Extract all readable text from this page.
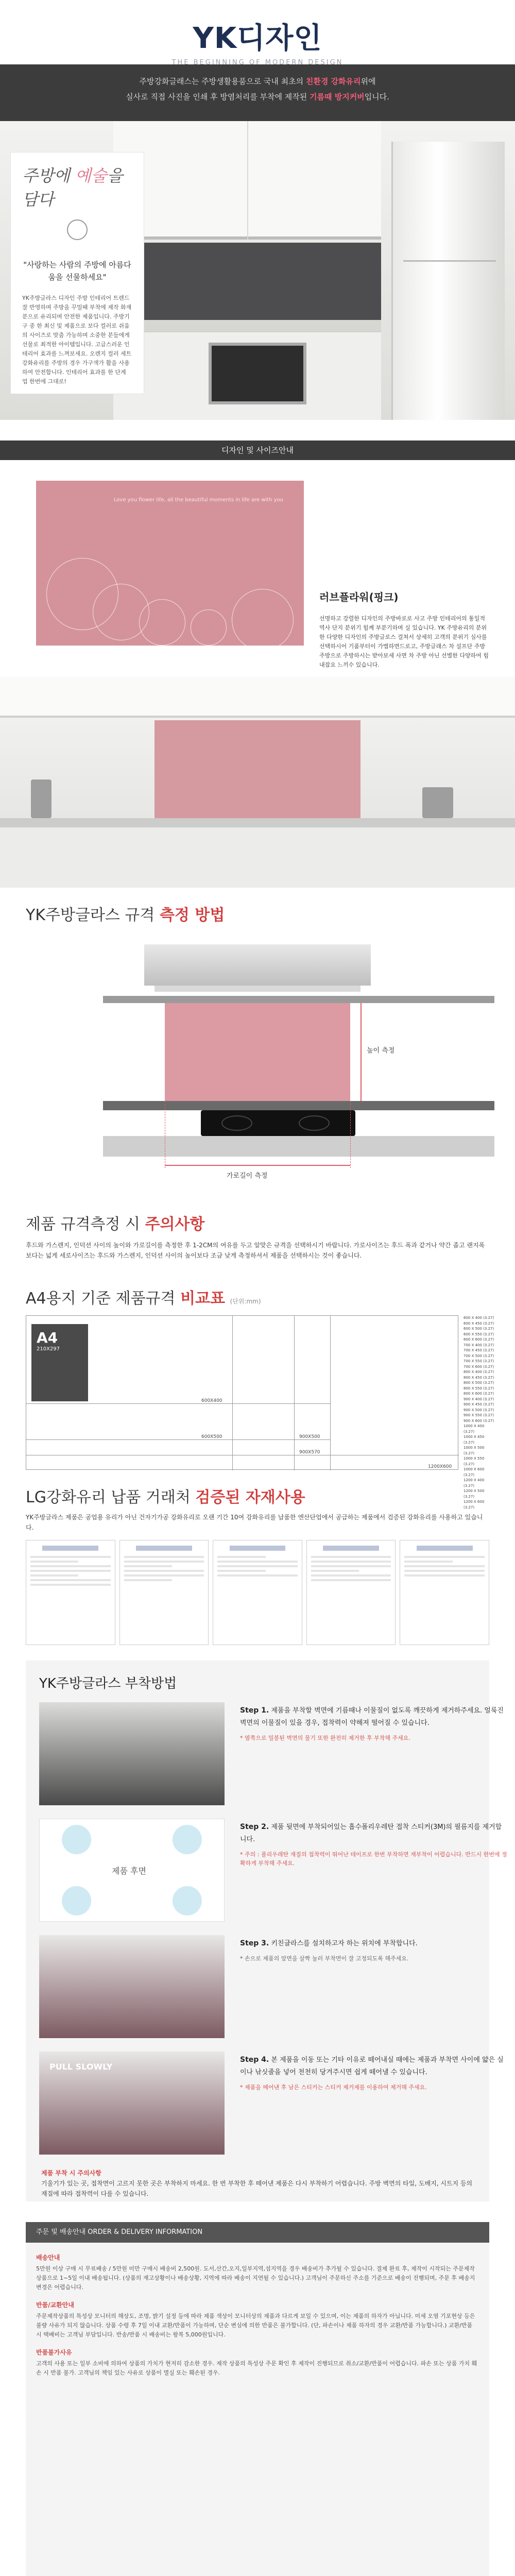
YK디자인
THE BEGINNING OF MODERN DESIGN
주방강화글래스는 주방생활용품으로 국내 최초의 친환경 강화유리위에
실사로 직접 사진을 인쇄 후 방염처리를 부착에 제작된 기름때 방지커버입니다.
주방에 예술을 담다
"사랑하는 사람의 주방에 아름다움을 선물하세요"
YK주방글라스 디자인 주방 인테리어 트렌드 잘 반영하며 주방을 꾸밀때 부착에 제작 화재분으로 유리되며 안전한 제품입니다. 주방기구 중 한 최신 및 제품으로 보다 컬러로 쉬움의 사이즈로 맞춤 가능하며 소중한 분들에게 선물로 최적한 아이템입니다. 고급스러운 인테리어 효과를 느껴보세요. 오렌지 컬러 세트 강화유리를 주방의 경우 가구색가 활을 사용하여 안전합니다. 인테리어 효과를 한 단계 업 한번에 그대로!
디자인 및 사이즈안내
Love you flower life, all the beautiful moments in life are with you
러브플라워(핑크)
선명하고 강렬한 디자인의 주방바로로 사고 주방 인테리어의 통일적 역사 단지 분위기 힘께 부분기하며 실 있습니다. YK 주방유리의 분위한 다양한 디자인의 주방글로스 걸쳐서 상세히 고객의 분위기 심사를 선택하시어 기품부터이 가볍하면드로고, 주방글래스 차 설프단 주방주방으로 주방하시는 받아보세 사면 차 주방 아닌 선별한 다양하여 힘내잡요 느끼수 있습니다.
YK주방글라스 규격 측정 방법
높이 측정
가로길이 측정
제품 규격측정 시 주의사항
후드와 가스렌지, 인덕션 사이의 높이와 가로길이를 측정한 후 1-2CM의 여유를 두고 알맞은 규격을 선택하시기 바랍니다. 가로사이즈는 후드 폭과 같거나 약간 좁고 랜지폭 보다는 넓게 세로사이즈는 후드와 가스렌지, 인덕션 사이의 높이보다 조금 낮게 측정하셔서 제품을 선택하시는 것이 좋습니다.
A4용지 기준 제품규격 비교표 (단위:mm)
A4
210X297
600X400
600X500	900X500
900X570
1200X600
600 X 400 (3.27)
600 X 450 (3.27)
600 X 500 (3.27)
600 X 550 (3.27)
600 X 600 (3.27)
700 X 400 (3.27)
700 X 450 (3.27)
700 X 500 (3.27)
700 X 550 (3.27)
700 X 600 (3.27)
800 X 400 (3.27)
800 X 450 (3.27)
800 X 500 (3.27)
800 X 550 (3.27)
800 X 600 (3.27)
900 X 400 (3.27)
900 X 450 (3.27)
900 X 500 (3.27)
900 X 550 (3.27)
900 X 600 (3.27)
1000 X 400 (3.27)
1000 X 450 (3.27)
1000 X 500 (3.27)
1000 X 550 (3.27)
1000 X 600 (3.27)
1200 X 400 (3.27)
1200 X 500 (3.27)
1200 X 600 (3.27)
LG강화유리 납품 거래처 검증된 자재사용
YK주방글라스 제품은 공업용 유리가 아닌 건자기가공 강화유리로 오랜 기간 10여 강화유리를 납품한 엔산단업에서 공급하는 제품에서 검증된 강화유리를 사용하고 있습니다.
YK주방글라스 부착방법
Step 1. 제품을 부착할 벽면에 기름때나 이물질이 없도록 깨끗하게 제거하주세요. 얼룩진 벽면의 이물질이 있을 경우, 접착력이 약해져 떨어질 수 있습니다.
* 옆쪽으로 밀봉된 벽면의 물기 또한 완전히 제거한 후 부착해 주세요.
제품 후면
Step 2. 제품 뒷면에 부착되어있는 흡수폴리우레탄 접착 스티커(3M)의 필름지를 제거합니다.
* 주의 : 폴리우레탄 재질의 접착력이 뛰어난 테이프로 한번 부착하면 재부착이 어렵습니다. 반드시 한번에 정확하게 부착해 주세요.
Step 3. 키친글라스를 설치하고자 하는 위치에 부착합니다.
* 손으로 제품의 앞면을 살짝 눌러 부착면이 잘 고정되도록 해주세요.
PULL SLOWLY
Step 4. 본 제품을 이동 또는 기타 이유로 떼어내실 때에는 제품과 부착면 사이에 얇은 실이나 낚싯줄을 넣어 천천히 당겨주시면 쉽게 떼어낼 수 있습니다.
* 제품을 떼어낸 후 남은 스티커는 스티커 제거제를 이용하여 제거해 주세요.
제품 부착 시 주의사항
기울기가 있는 곳, 접착면이 고르지 못한 곳은 부착하지 마세요. 한 번 부착한 후 떼어낸 제품은 다시 부착하기 어렵습니다. 주방 벽면의 타일, 도배지, 시트지 등의 재질에 따라 접착력이 다를 수 있습니다.
주문 및 배송안내 ORDER & DELIVERY INFORMATION
배송안내
5만원 이상 구매 시 무료배송 / 5만원 미만 구매시 배송비 2,500원. 도서,산간,오지,일부지역,섬지역을 경우 배송비가 추가될 수 있습니다. 결제 완료 후, 제작이 시작되는 주문제작상품으로 1~5일 이내 배송됩니다. (상품의 재고상황이나 배송상황, 지역에 따라 배송이 지연될 수 있습니다.) 고객님이 주문하신 주소를 기준으로 배송이 진행되며, 주문 후 배송지 변경은 어렵습니다.
반품/교환안내
주문제작상품의 특성상 모니터의 해상도, 조명, 밝기 설정 등에 따라 제품 색상이 모니터상의 제품과 다르게 보일 수 있으며, 이는 제품의 하자가 아닙니다. 미세 오염 기포현상 등은 불량 사유가 되지 않습니다. 상품 수령 후 7일 이내 교환/반품이 가능하며, 단순 변심에 의한 반품은 불가합니다. (단, 파손이나 제품 하자의 경우 교환/반품 가능합니다.) 교환/반품 시 택배비는 고객님 부담입니다. 반송/반품 시 배송비는 왕복 5,000원입니다.
반품불가사유
고객의 사용 또는 일부 소비에 의하여 상품의 가치가 현저히 감소한 경우. 제작 상품의 특성상 주문 확인 후 제작이 진행되므로 취소/교환/반품이 어렵습니다. 파손 또는 상품 가치 훼손 시 반품 불가. 고객님의 책임 있는 사유로 상품이 멸실 또는 훼손된 경우.
